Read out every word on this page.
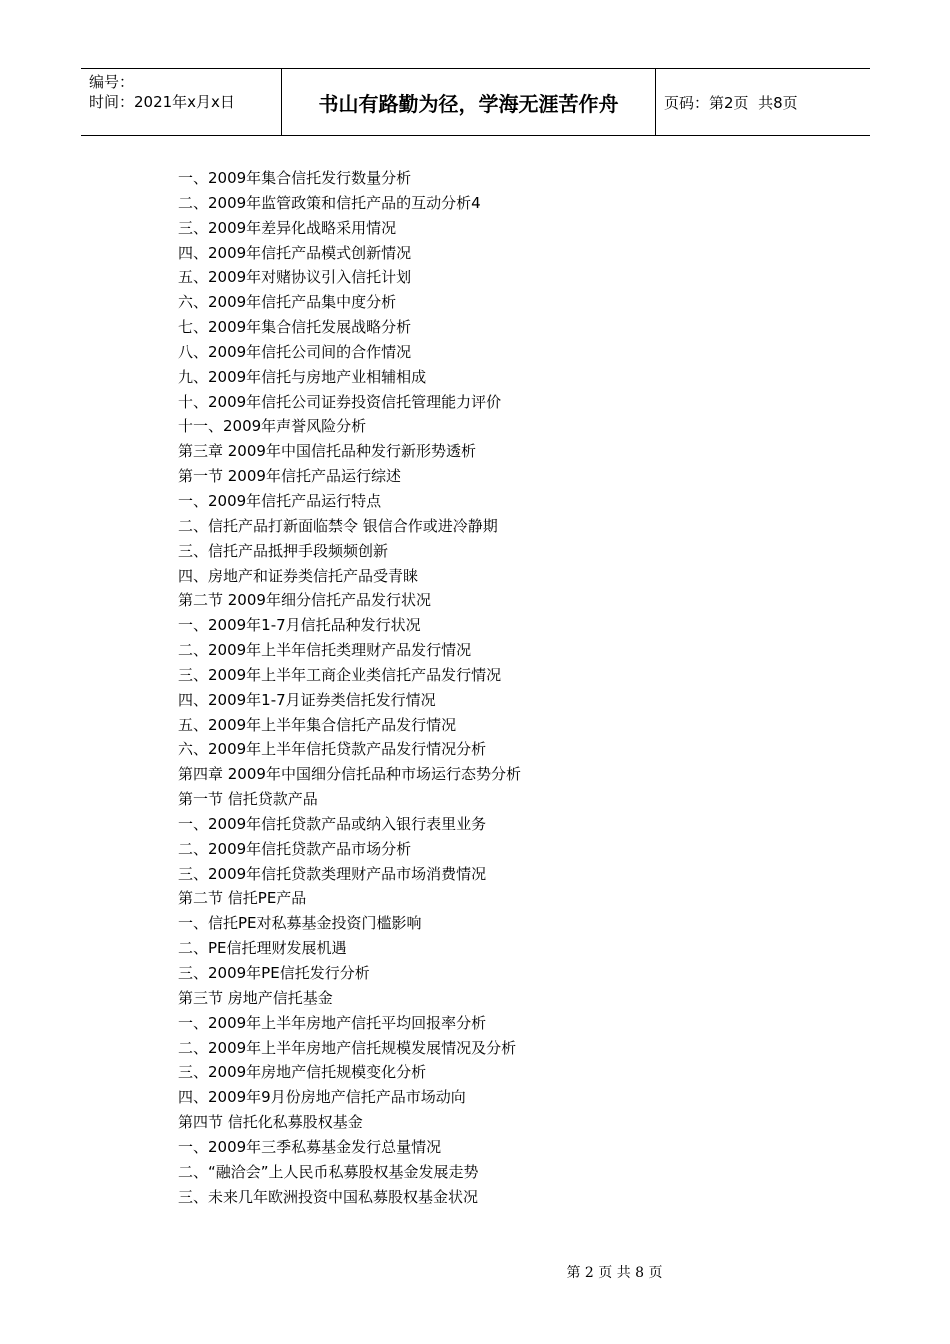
编号：
时间：2021年x月x日	书山有路勤为径，学海无涯苦作舟	页码：第2页  共8页
一、2009年集合信托发行数量分析
二、2009年监管政策和信托产品的互动分析4
三、2009年差异化战略采用情况
四、2009年信托产品模式创新情况
五、2009年对赌协议引入信托计划
六、2009年信托产品集中度分析
七、2009年集合信托发展战略分析
八、2009年信托公司间的合作情况
九、2009年信托与房地产业相辅相成
十、2009年信托公司证券投资信托管理能力评价
十一、2009年声誉风险分析
第三章 2009年中国信托品种发行新形势透析
第一节 2009年信托产品运行综述
一、2009年信托产品运行特点
二、信托产品打新面临禁令 银信合作或进冷静期
三、信托产品抵押手段频频创新
四、房地产和证券类信托产品受青睐
第二节 2009年细分信托产品发行状况
一、2009年1-7月信托品种发行状况
二、2009年上半年信托类理财产品发行情况
三、2009年上半年工商企业类信托产品发行情况
四、2009年1-7月证券类信托发行情况
五、2009年上半年集合信托产品发行情况
六、2009年上半年信托贷款产品发行情况分析
第四章 2009年中国细分信托品种市场运行态势分析
第一节 信托贷款产品
一、2009年信托贷款产品或纳入银行表里业务
二、2009年信托贷款产品市场分析
三、2009年信托贷款类理财产品市场消费情况
第二节 信托PE产品
一、信托PE对私募基金投资门槛影响
二、PE信托理财发展机遇
三、2009年PE信托发行分析
第三节 房地产信托基金
一、2009年上半年房地产信托平均回报率分析
二、2009年上半年房地产信托规模发展情况及分析
三、2009年房地产信托规模变化分析
四、2009年9月份房地产信托产品市场动向
第四节 信托化私募股权基金
一、2009年三季私募基金发行总量情况
二、“融洽会”上人民币私募股权基金发展走势
三、未来几年欧洲投资中国私募股权基金状况
第 2 页 共 8 页
